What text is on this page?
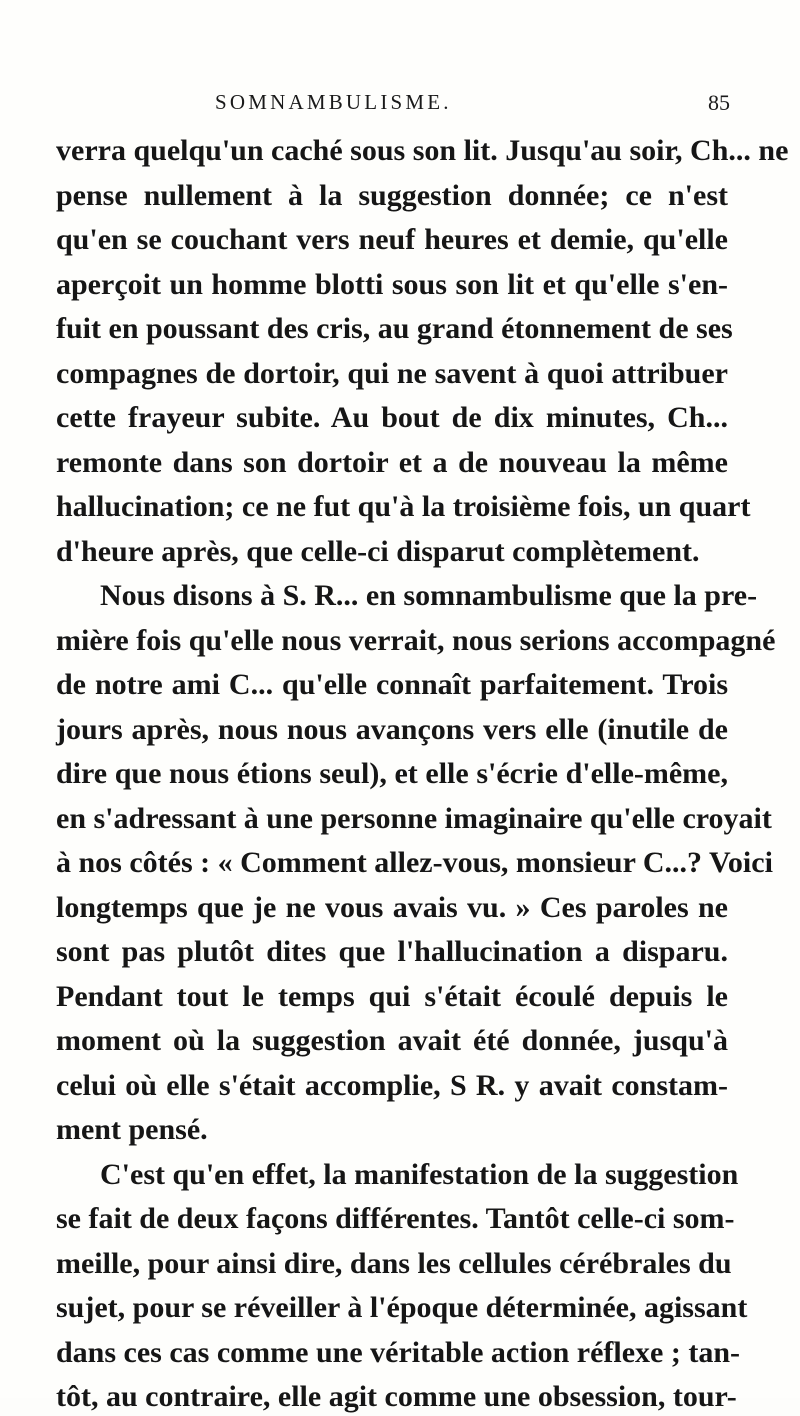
SOMNAMBULISME.	85
verra quelqu'un caché sous son lit. Jusqu'au soir, Ch... ne
pense nullement à la suggestion donnée; ce n'est
qu'en se couchant vers neuf heures et demie, qu'elle
aperçoit un homme blotti sous son lit et qu'elle s'en-
fuit en poussant des cris, au grand étonnement de ses
compagnes de dortoir, qui ne savent à quoi attribuer
cette frayeur subite. Au bout de dix minutes, Ch...
remonte dans son dortoir et a de nouveau la même
hallucination; ce ne fut qu'à la troisième fois, un quart
d'heure après, que celle-ci disparut complètement.
Nous disons à S. R... en somnambulisme que la pre-
mière fois qu'elle nous verrait, nous serions accompagné
de notre ami C... qu'elle connaît parfaitement. Trois
jours après, nous nous avançons vers elle (inutile de
dire que nous étions seul), et elle s'écrie d'elle-même,
en s'adressant à une personne imaginaire qu'elle croyait
à nos côtés : « Comment allez-vous, monsieur C...? Voici
longtemps que je ne vous avais vu. » Ces paroles ne
sont pas plutôt dites que l'hallucination a disparu.
Pendant tout le temps qui s'était écoulé depuis le
moment où la suggestion avait été donnée, jusqu'à
celui où elle s'était accomplie, S R. y avait constam-
ment pensé.
C'est qu'en effet, la manifestation de la suggestion
se fait de deux façons différentes. Tantôt celle-ci som-
meille, pour ainsi dire, dans les cellules cérébrales du
sujet, pour se réveiller à l'époque déterminée, agissant
dans ces cas comme une véritable action réflexe ; tan-
tôt, au contraire, elle agit comme une obsession, tour-
